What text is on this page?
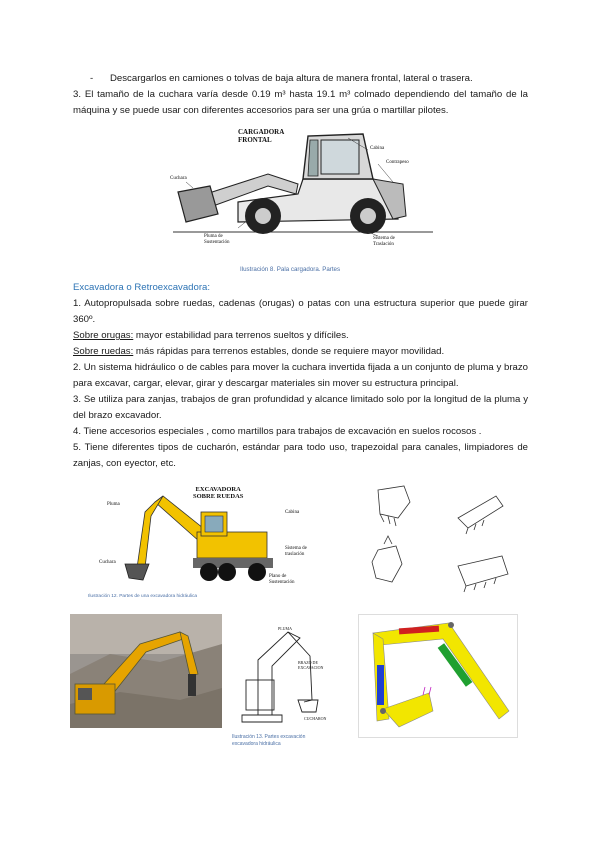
- Descargarlos en camiones o tolvas de baja altura de manera frontal, lateral o trasera.
3. El tamaño de la cuchara varía desde 0.19 m³ hasta 19.1 m³ colmado dependiendo del tamaño de la máquina y se puede usar con diferentes accesorios para ser una grúa o martillar pilotes.
CARGADORA
FRONTAL
Cabina
Contrapeso
Cuchara
Pluma de Sustentación
Sistema de Traslación
Ilustración 8. Pala cargadora. Partes
Excavadora o Retroexcavadora:
1. Autopropulsada sobre ruedas, cadenas (orugas) o patas con una estructura superior que puede girar 360º.
Sobre orugas: mayor estabilidad para terrenos sueltos y difíciles.
Sobre ruedas: más rápidas para terrenos estables, donde se requiere mayor movilidad.
2. Un sistema hidráulico o de cables para mover la cuchara invertida fijada a un conjunto de pluma y brazo para excavar, cargar, elevar, girar y descargar materiales sin mover su estructura principal.
3. Se utiliza para zanjas, trabajos de gran profundidad y alcance limitado solo por la longitud de la pluma y del brazo excavador.
4. Tiene accesorios especiales , como martillos para trabajos de excavación en suelos rocosos .
5. Tiene diferentes tipos de cucharón, estándar para todo uso, trapezoidal para canales, limpiadores de zanjas, con eyector, etc.
EXCAVADORA
SOBRE RUEDAS
Pluma
Cabina
Cuchara
Sistema de traslación
Plano de Sustentación
Ilustración 12. Partes de una excavadora hidráulica
PLUMA
BRAZO DE EXCAVACION
CUCHARON
Ilustración 13. Partes excavación
excavadora hidráulica
